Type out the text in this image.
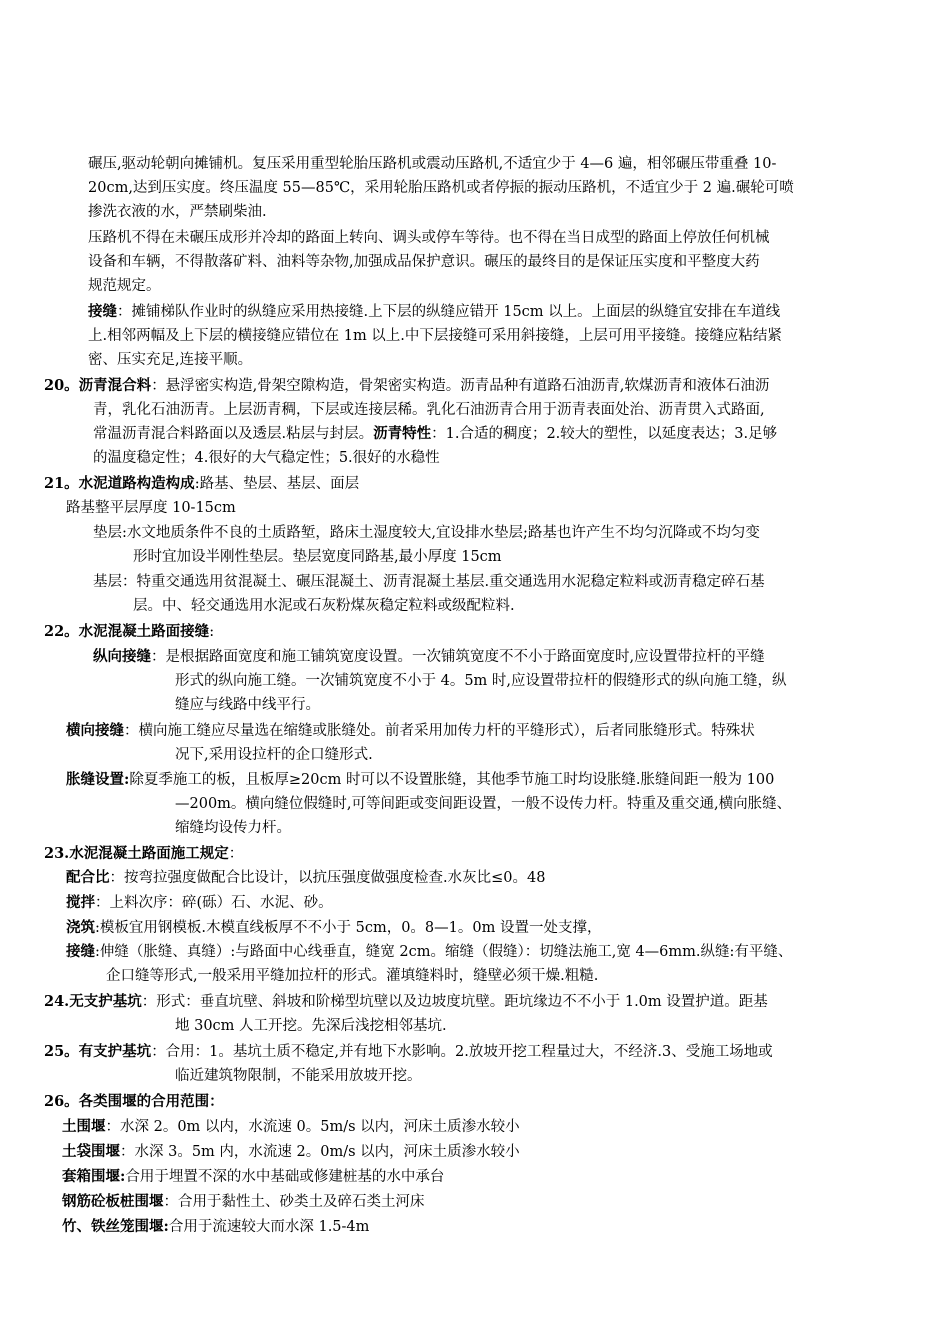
碾压,驱动轮朝向摊铺机。复压采用重型轮胎压路机或震动压路机,不适宜少于 4—6 遍，相邻碾压带重叠 10-
20cm,达到压实度。终压温度 55—85℃，采用轮胎压路机或者停振的振动压路机，不适宜少于 2 遍.碾轮可喷
掺洗衣液的水，严禁刷柴油.
压路机不得在未碾压成形并冷却的路面上转向、调头或停车等待。也不得在当日成型的路面上停放任何机械
设备和车辆，不得散落矿料、油料等杂物,加强成品保护意识。碾压的最终目的是保证压实度和平整度大药
规范规定。
接缝：摊铺梯队作业时的纵缝应采用热接缝.上下层的纵缝应错开 15cm 以上。上面层的纵缝宜安排在车道线
上.相邻两幅及上下层的横接缝应错位在 1m 以上.中下层接缝可采用斜接缝，上层可用平接缝。接缝应粘结紧
密、压实充足,连接平顺。
20。沥青混合料：悬浮密实构造,骨架空隙构造，骨架密实构造。沥青品种有道路石油沥青,软煤沥青和液体石油沥
青，乳化石油沥青。上层沥青稠，下层或连接层稀。乳化石油沥青合用于沥青表面处治、沥青贯入式路面,
常温沥青混合料路面以及透层.粘层与封层。沥青特性：1.合适的稠度；2.较大的塑性，以延度表达；3.足够
的温度稳定性；4.很好的大气稳定性；5.很好的水稳性
21。水泥道路构造构成:路基、垫层、基层、面层
路基整平层厚度 10-15cm
垫层:水文地质条件不良的土质路堑，路床土湿度较大,宜设排水垫层;路基也许产生不均匀沉降或不均匀变
形时宜加设半刚性垫层。垫层宽度同路基,最小厚度 15cm
基层：特重交通选用贫混凝土、碾压混凝土、沥青混凝土基层.重交通选用水泥稳定粒料或沥青稳定碎石基
层。中、轻交通选用水泥或石灰粉煤灰稳定粒料或级配粒料.
22。水泥混凝土路面接缝:
纵向接缝：是根据路面宽度和施工铺筑宽度设置。一次铺筑宽度不不小于路面宽度时,应设置带拉杆的平缝
形式的纵向施工缝。一次铺筑宽度不小于 4。5m 时,应设置带拉杆的假缝形式的纵向施工缝，纵
缝应与线路中线平行。
横向接缝：横向施工缝应尽量选在缩缝或胀缝处。前者采用加传力杆的平缝形式），后者同胀缝形式。特殊状
况下,采用设拉杆的企口缝形式.
胀缝设置:除夏季施工的板，且板厚≥20cm 时可以不设置胀缝，其他季节施工时均设胀缝.胀缝间距一般为 100
—200m。横向缝位假缝时,可等间距或变间距设置，一般不设传力杆。特重及重交通,横向胀缝、
缩缝均设传力杆。
23.水泥混凝土路面施工规定：
配合比：按弯拉强度做配合比设计，以抗压强度做强度检查.水灰比≤0。48
搅拌：上料次序：碎(砾）石、水泥、砂。
浇筑:模板宜用钢模板.木模直线板厚不不小于 5cm，0。8—1。0m 设置一处支撑，
接缝:伸缝（胀缝、真缝）:与路面中心线垂直，缝宽 2cm。缩缝（假缝）：切缝法施工,宽 4—6mm.纵缝:有平缝、
企口缝等形式,一般采用平缝加拉杆的形式。灌填缝料时，缝壁必须干燥.粗糙.
24.无支护基坑：形式：垂直坑壁、斜坡和阶梯型坑壁以及边坡度坑壁。距坑缘边不不小于 1.0m 设置护道。距基
地 30cm 人工开挖。先深后浅挖相邻基坑.
25。有支护基坑：合用：1。基坑土质不稳定,并有地下水影响。2.放坡开挖工程量过大，不经济.3、受施工场地或
临近建筑物限制，不能采用放坡开挖。
26。各类围堰的合用范围：
土围堰：水深 2。0m 以内，水流速 0。5m/s 以内，河床土质渗水较小
土袋围堰：水深 3。5m 内，水流速 2。0m/s 以内，河床土质渗水较小
套箱围堰:合用于埋置不深的水中基础或修建桩基的水中承台
钢筋砼板桩围堰：合用于黏性土、砂类土及碎石类土河床
竹、铁丝笼围堰:合用于流速较大而水深 1.5-4m
